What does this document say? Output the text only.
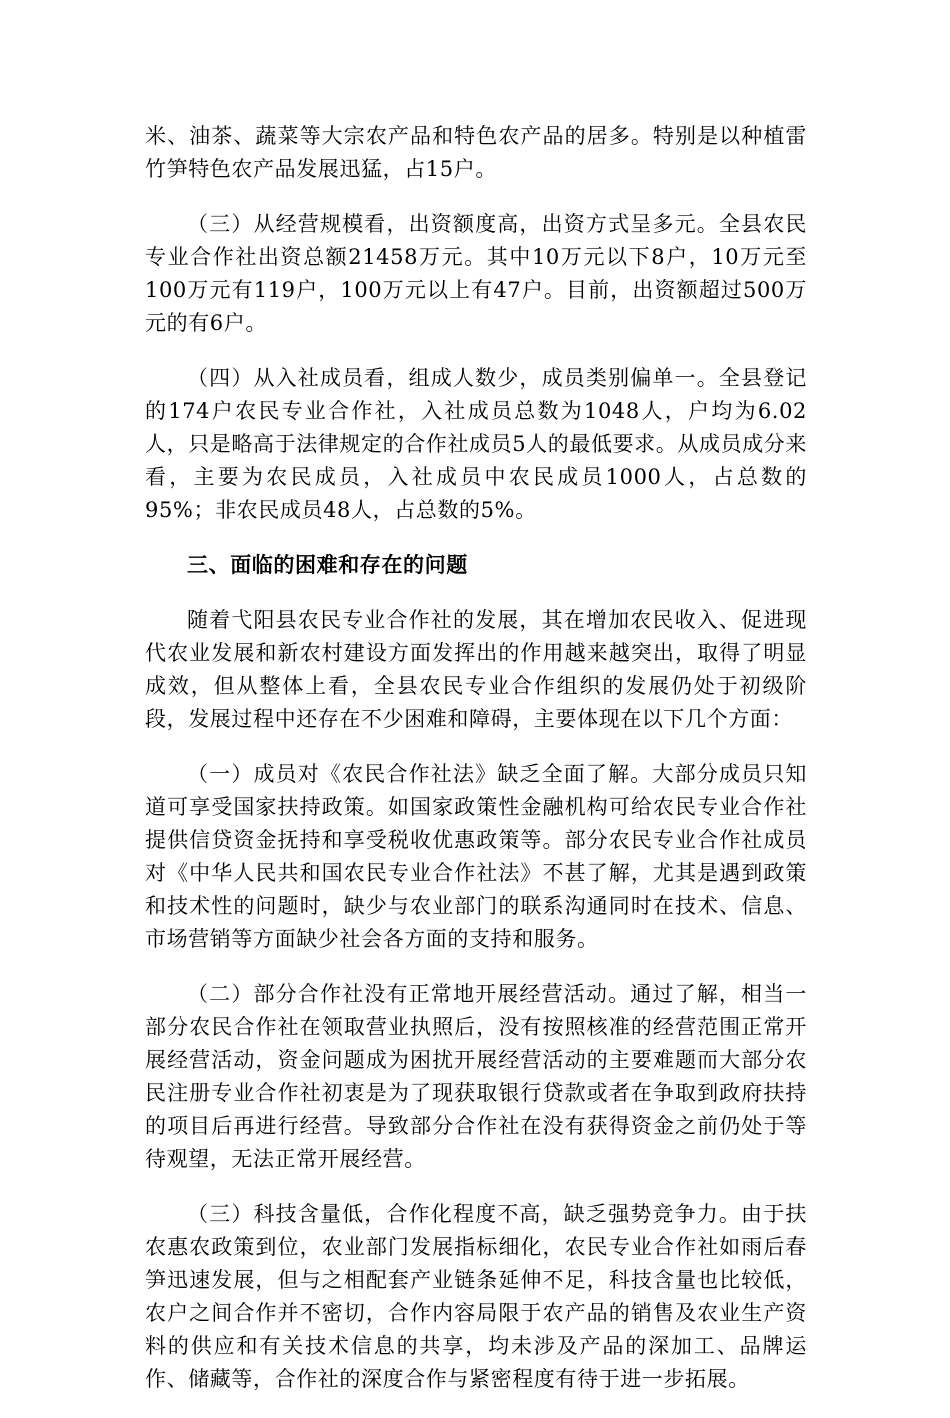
米、油茶、蔬菜等大宗农产品和特色农产品的居多。特别是以种植雷竹笋特色农产品发展迅猛，占15户。

（三）从经营规模看，出资额度高，出资方式呈多元。全县农民专业合作社出资总额21458万元。其中10万元以下8户，10万元至100万元有119户，100万元以上有47户。目前，出资额超过500万元的有6户。

（四）从入社成员看，组成人数少，成员类别偏单一。全县登记的174户农民专业合作社，入社成员总数为1048人，户均为6.02人，只是略高于法律规定的合作社成员5人的最低要求。从成员成分来看，主要为农民成员，入社成员中农民成员1000人，占总数的95%；非农民成员48人，占总数的5%。

三、面临的困难和存在的问题

随着弋阳县农民专业合作社的发展，其在增加农民收入、促进现代农业发展和新农村建设方面发挥出的作用越来越突出，取得了明显成效，但从整体上看，全县农民专业合作组织的发展仍处于初级阶段，发展过程中还存在不少困难和障碍，主要体现在以下几个方面：

（一）成员对《农民合作社法》缺乏全面了解。大部分成员只知道可享受国家扶持政策。如国家政策性金融机构可给农民专业合作社提供信贷资金抚持和享受税收优惠政策等。部分农民专业合作社成员对《中华人民共和国农民专业合作社法》不甚了解，尤其是遇到政策和技术性的问题时，缺少与农业部门的联系沟通同时在技术、信息、市场营销等方面缺少社会各方面的支持和服务。

（二）部分合作社没有正常地开展经营活动。通过了解，相当一部分农民合作社在领取营业执照后，没有按照核准的经营范围正常开展经营活动，资金问题成为困扰开展经营活动的主要难题而大部分农民注册专业合作社初衷是为了现获取银行贷款或者在争取到政府扶持的项目后再进行经营。导致部分合作社在没有获得资金之前仍处于等待观望，无法正常开展经营。

（三）科技含量低，合作化程度不高，缺乏强势竞争力。由于扶农惠农政策到位，农业部门发展指标细化，农民专业合作社如雨后春笋迅速发展，但与之相配套产业链条延伸不足，科技含量也比较低，农户之间合作并不密切，合作内容局限于农产品的销售及农业生产资料的供应和有关技术信息的共享，均未涉及产品的深加工、品牌运作、储藏等，合作社的深度合作与紧密程度有待于进一步拓展。
